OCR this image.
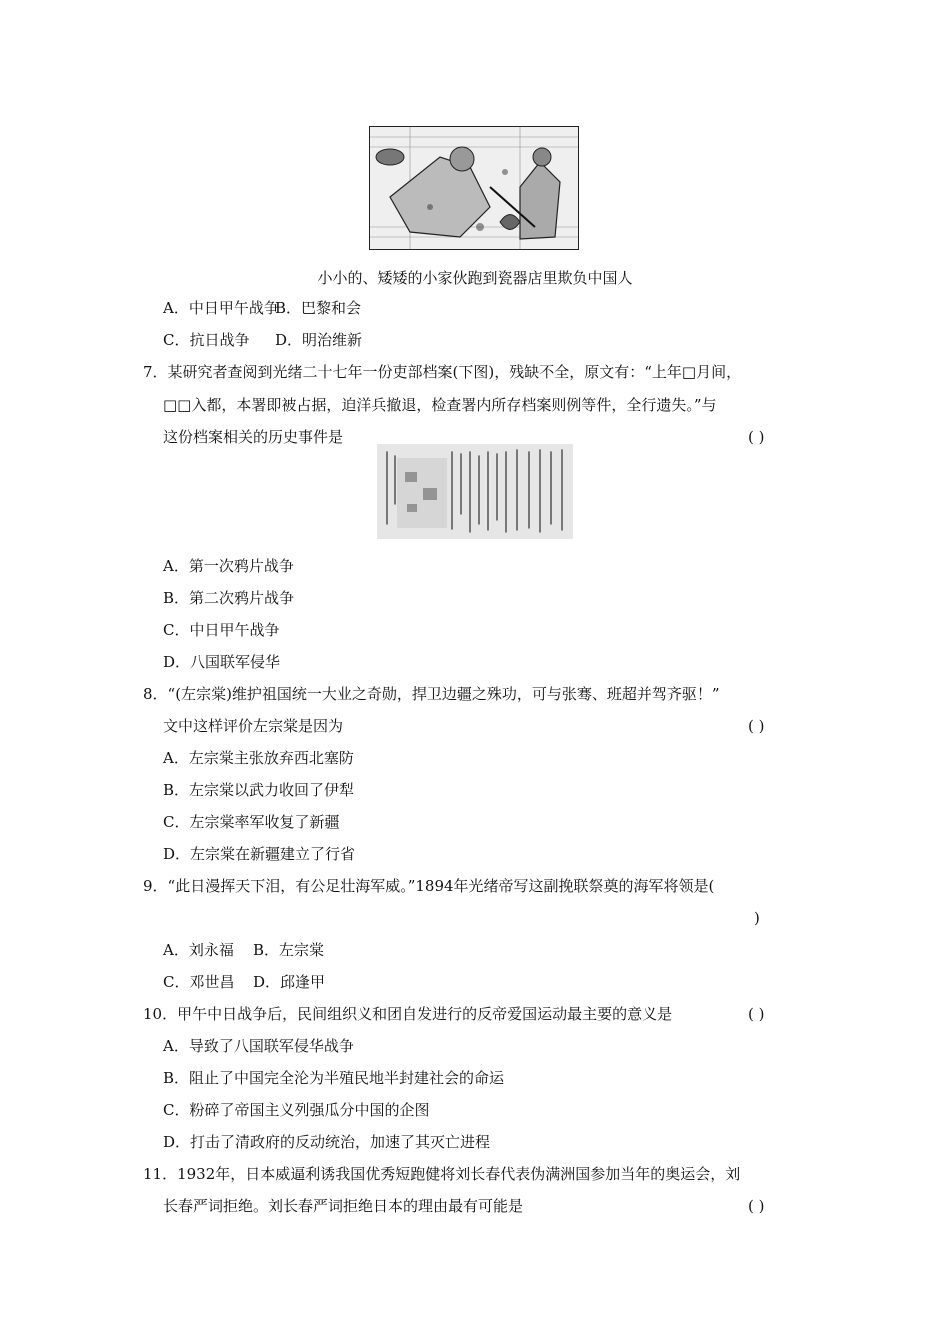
小小的、矮矮的小家伙跑到瓷器店里欺负中国人
A．中日甲午战争
B．巴黎和会
C．抗日战争 D．明治维新
7．某研究者查阅到光绪二十七年一份吏部档案(下图)，残缺不全，原文有：“上年□月间，
□□入都，本署即被占据，迫洋兵撤退，检查署内所存档案则例等件，全行遗失。”与
这份档案相关的历史事件是	( )
A．第一次鸦片战争
B．第二次鸦片战争
C．中日甲午战争
D．八国联军侵华
8．“(左宗棠)维护祖国统一大业之奇勋，捍卫边疆之殊功，可与张骞、班超并驾齐驱！”
文中这样评价左宗棠是因为	( )
A．左宗棠主张放弃西北塞防
B．左宗棠以武力收回了伊犁
C．左宗棠率军收复了新疆
D．左宗棠在新疆建立了行省
9．“此日漫挥天下泪，有公足壮海军威。”1894年光绪帝写这副挽联祭奠的海军将领是(
)
A．刘永福 B．左宗棠
C．邓世昌 D．邱逢甲
10．甲午中日战争后，民间组织义和团自发进行的反帝爱国运动最主要的意义是	( )
A．导致了八国联军侵华战争
B．阻止了中国完全沦为半殖民地半封建社会的命运
C．粉碎了帝国主义列强瓜分中国的企图
D．打击了清政府的反动统治，加速了其灭亡进程
11．1932年，日本威逼利诱我国优秀短跑健将刘长春代表伪满洲国参加当年的奥运会，刘
长春严词拒绝。刘长春严词拒绝日本的理由最有可能是	( )
